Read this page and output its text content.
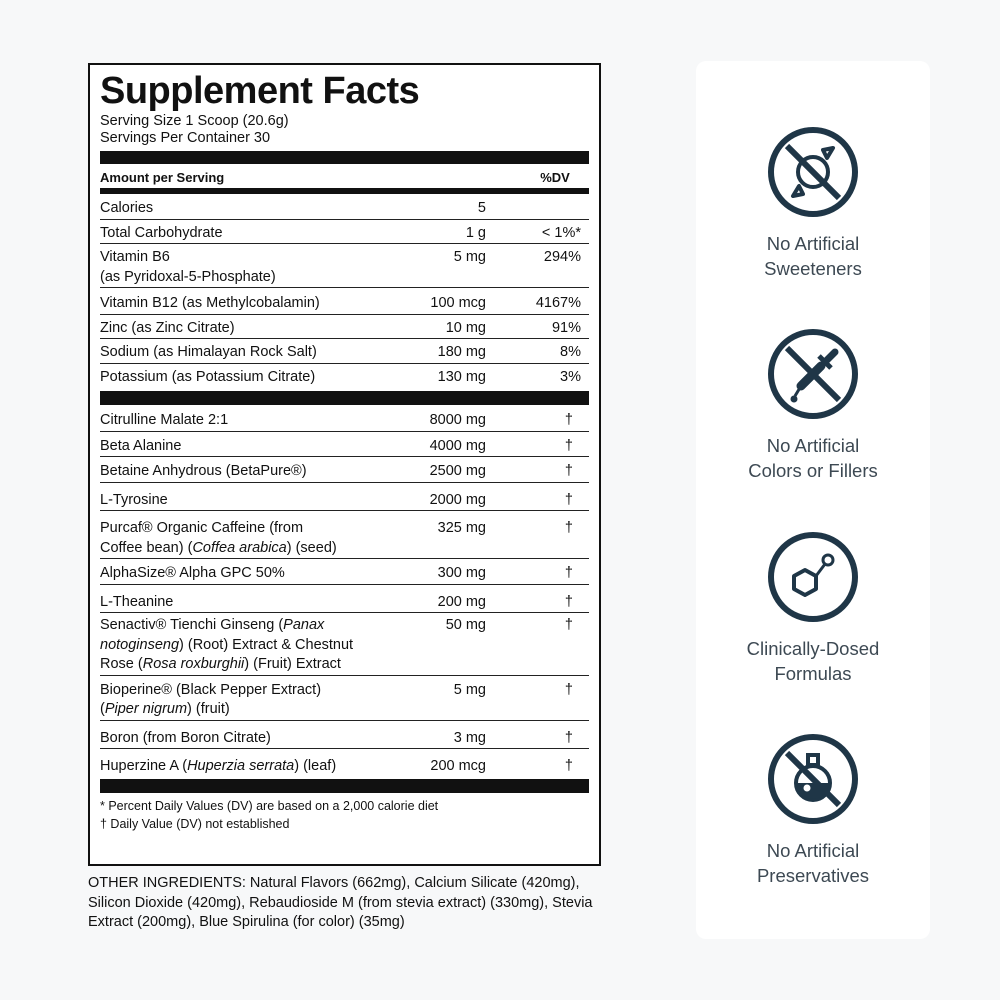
Supplement Facts
Serving Size 1 Scoop (20.6g)
Servings Per Container 30
Amount per Serving	%DV
Calories	5
Total Carbohydrate	1 g	< 1%*
Vitamin B6
(as Pyridoxal-5-Phosphate)
5 mg	294%
Vitamin B12 (as Methylcobalamin)	100 mcg	4167%
Zinc (as Zinc Citrate)	10 mg	91%
Sodium (as Himalayan Rock Salt)	180 mg	8%
Potassium (as Potassium Citrate)	130 mg	3%
Citrulline Malate 2:1	8000 mg	†
Beta Alanine	4000 mg	†
Betaine Anhydrous (BetaPure®)	2500 mg	†
L-Tyrosine	2000 mg	†
Purcaf® Organic Caffeine (from
Coffee bean) (Coffea arabica) (seed)
325 mg	†
AlphaSize® Alpha GPC 50%	300 mg	†
L-Theanine	200 mg	†
Senactiv® Tienchi Ginseng (Panax
notoginseng) (Root) Extract & Chestnut
Rose (Rosa roxburghii) (Fruit) Extract
50 mg	†
Bioperine® (Black Pepper Extract)
(Piper nigrum) (fruit)
5 mg	†
Boron (from Boron Citrate)	3 mg	†
Huperzine A (Huperzia serrata) (leaf)	200 mcg	†
* Percent Daily Values (DV) are based on a 2,000 calorie diet
† Daily Value (DV) not established
OTHER INGREDIENTS: Natural Flavors (662mg), Calcium Silicate (420mg), Silicon Dioxide (420mg), Rebaudioside M (from stevia extract) (330mg), Stevia Extract (200mg), Blue Spirulina (for color) (35mg)
No Artificial
Sweeteners
No Artificial
Colors or Fillers
Clinically-Dosed
Formulas
No Artificial
Preservatives
